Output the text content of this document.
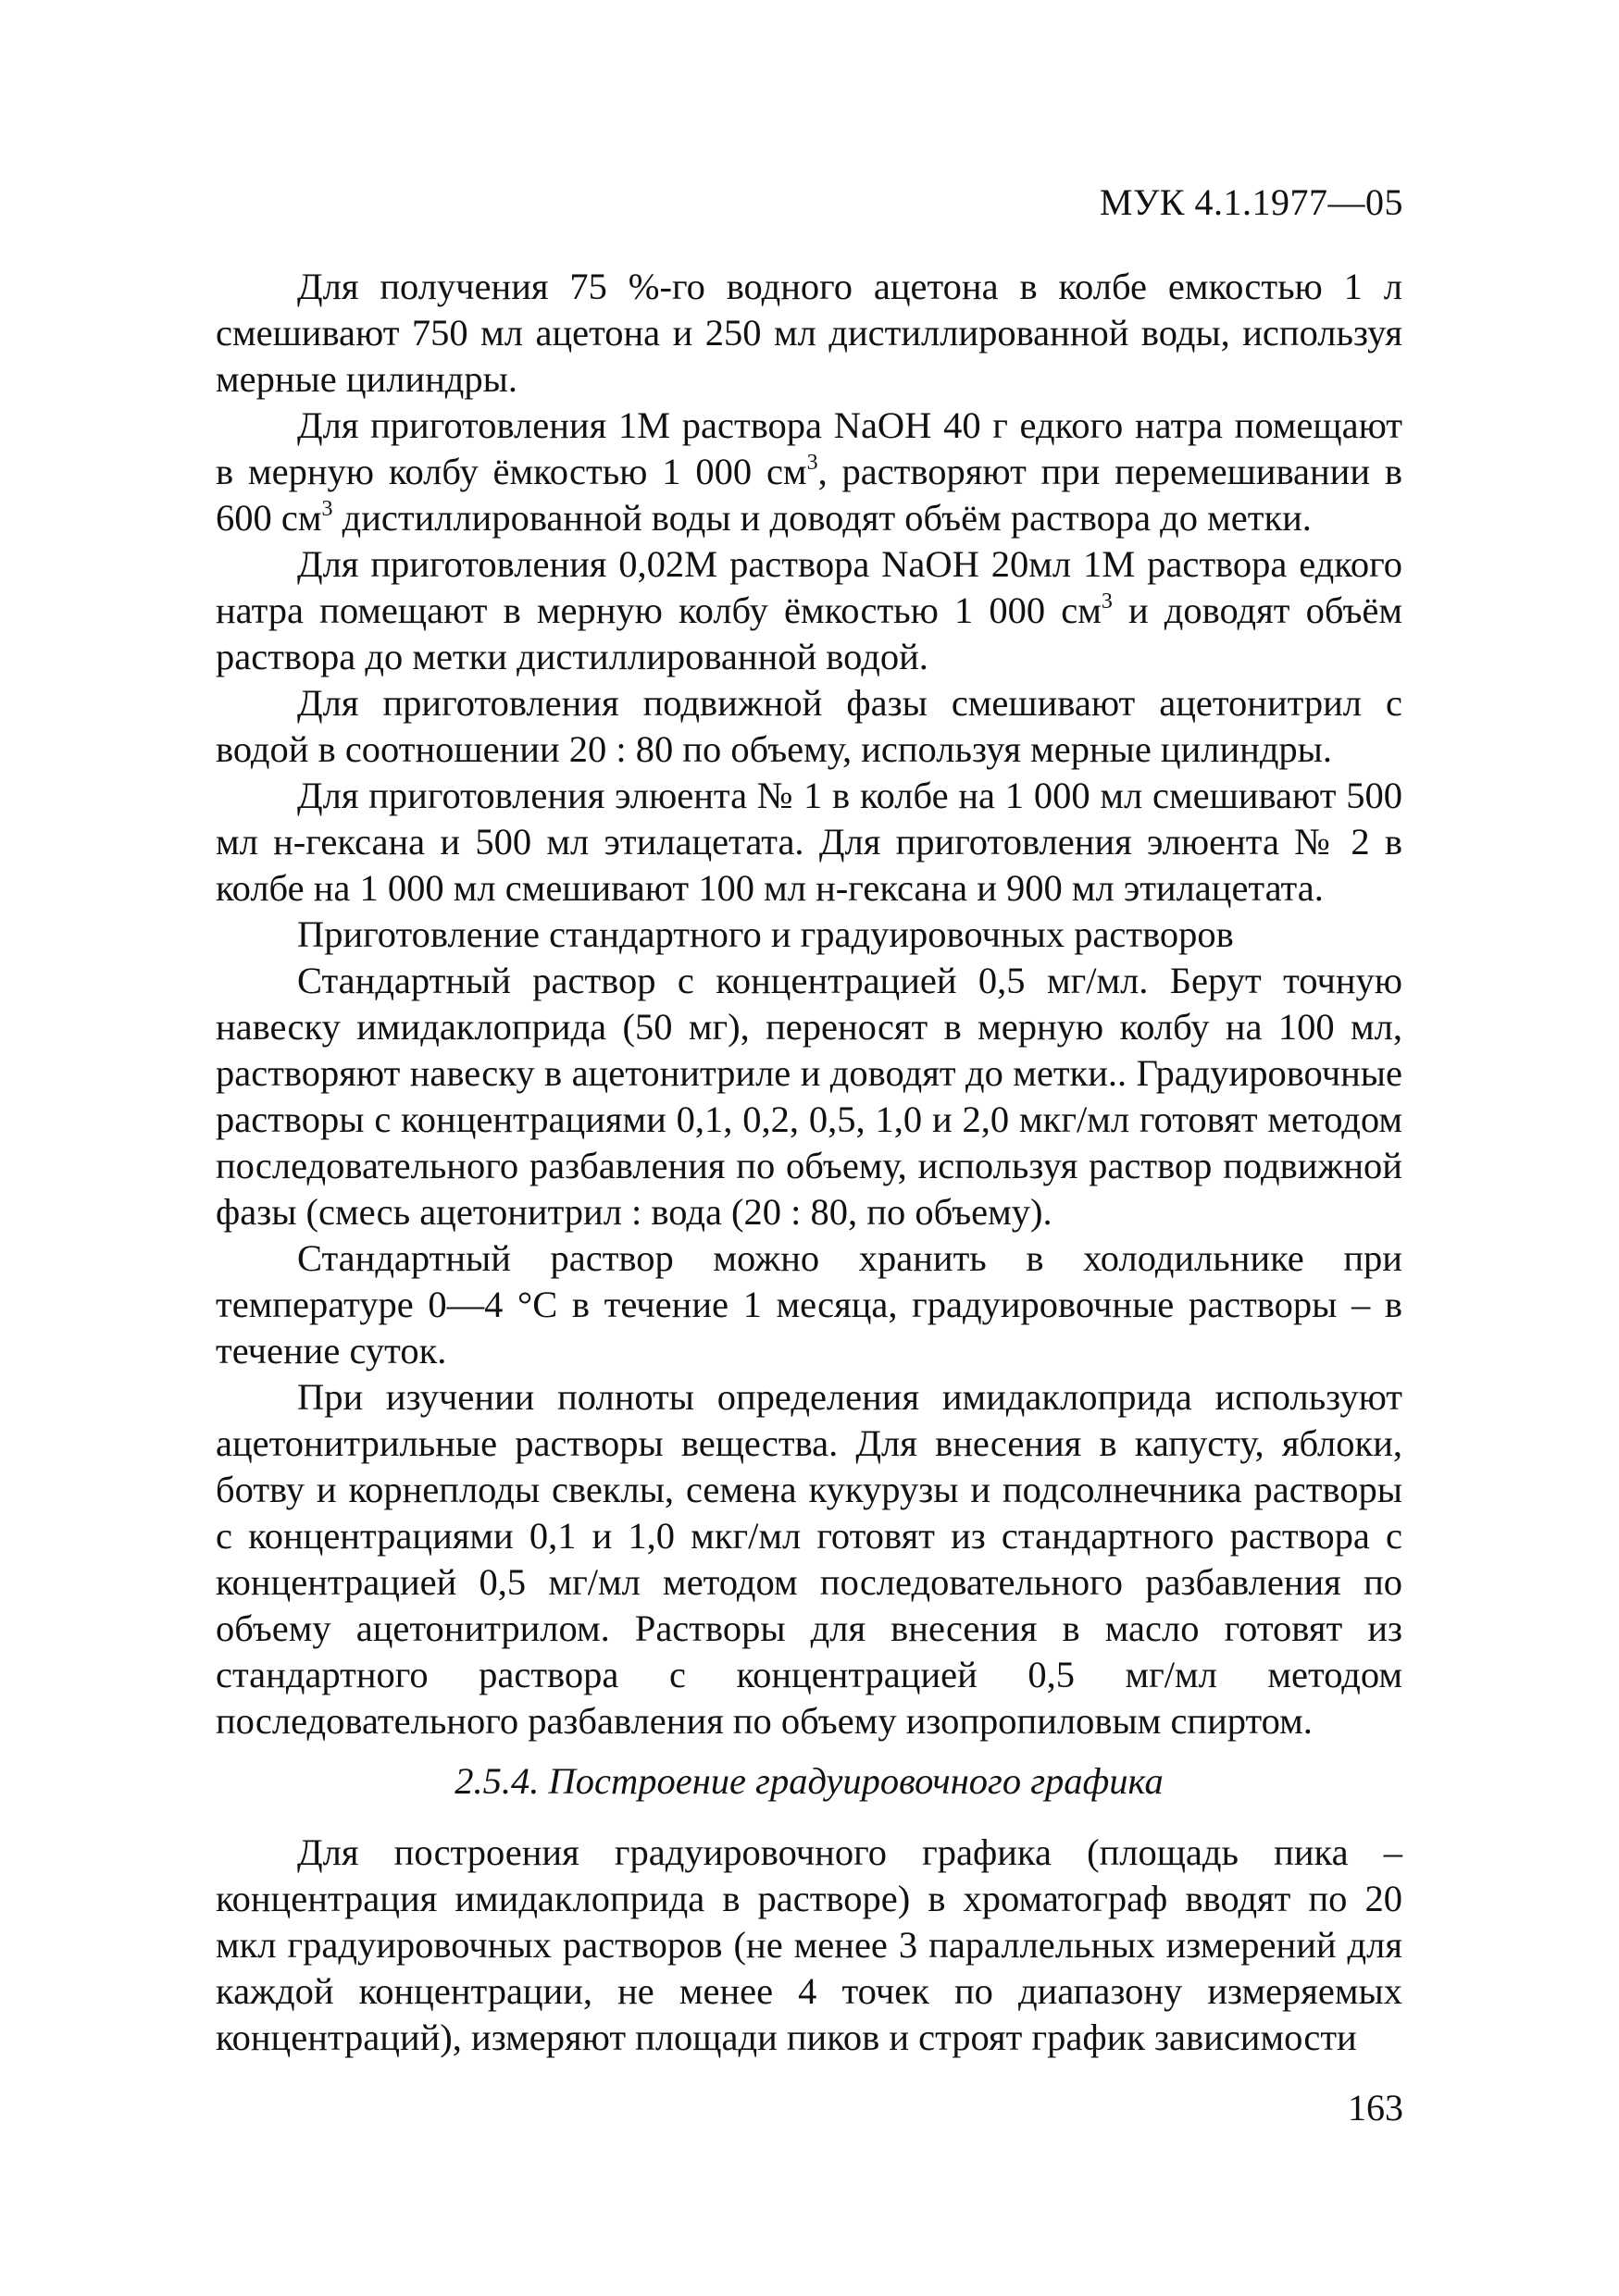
МУК 4.1.1977—05

Для получения 75 %-го водного ацетона в колбе емкостью 1 л смешивают 750 мл ацетона и 250 мл дистиллированной воды, используя мерные цилиндры.

Для приготовления 1М раствора NaOH 40 г едкого натра помещают в мерную колбу ёмкостью 1 000 $см^3$, растворяют при перемешивании в 600 $см^3$ дистиллированной воды и доводят объём раствора до метки.

Для приготовления 0,02М раствора NaOH 20мл 1М раствора едкого натра помещают в мерную колбу ёмкостью 1 000 $см^3$ и доводят объём раствора до метки дистиллированной водой.

Для приготовления подвижной фазы смешивают ацетонитрил с водой в соотношении 20 : 80 по объему, используя мерные цилиндры.

Для приготовления элюента № 1 в колбе на 1 000 мл смешивают 500 мл н-гексана и 500 мл этилацетата. Для приготовления элюента № 2 в колбе на 1 000 мл смешивают 100 мл н-гексана и 900 мл этилацетата.

Приготовление стандартного и градуировочных растворов

Стандартный раствор с концентрацией 0,5 мг/мл. Берут точную навеску имидаклоприда (50 мг), переносят в мерную колбу на 100 мл, растворяют навеску в ацетонитриле и доводят до метки.. Градуировочные растворы с концентрациями 0,1, 0,2, 0,5, 1,0 и 2,0 мкг/мл готовят методом последовательного разбавления по объему, используя раствор подвижной фазы (смесь ацетонитрил : вода (20 : 80, по объему).

Стандартный раствор можно хранить в холодильнике при температуре 0—4 °С в течение 1 месяца, градуировочные растворы – в течение суток.

При изучении полноты определения имидаклоприда используют ацетонитрильные растворы вещества. Для внесения в капусту, яблоки, ботву и корнеплоды свеклы, семена кукурузы и подсолнечника растворы с концентрациями 0,1 и 1,0 мкг/мл готовят из стандартного раствора с концентрацией 0,5 мг/мл методом последовательного разбавления по объему ацетонитрилом. Растворы для внесения в масло готовят из стандартного раствора с концентрацией 0,5 мг/мл методом последовательного разбавления по объему изопропиловым спиртом.

2.5.4. Построение градуировочного графика

Для построения градуировочного графика (площадь пика – концентрация имидаклоприда в растворе) в хроматограф вводят по 20 мкл градуировочных растворов (не менее 3 параллельных измерений для каждой концентрации, не менее 4 точек по диапазону измеряемых концентраций), измеряют площади пиков и строят график зависимости

163
